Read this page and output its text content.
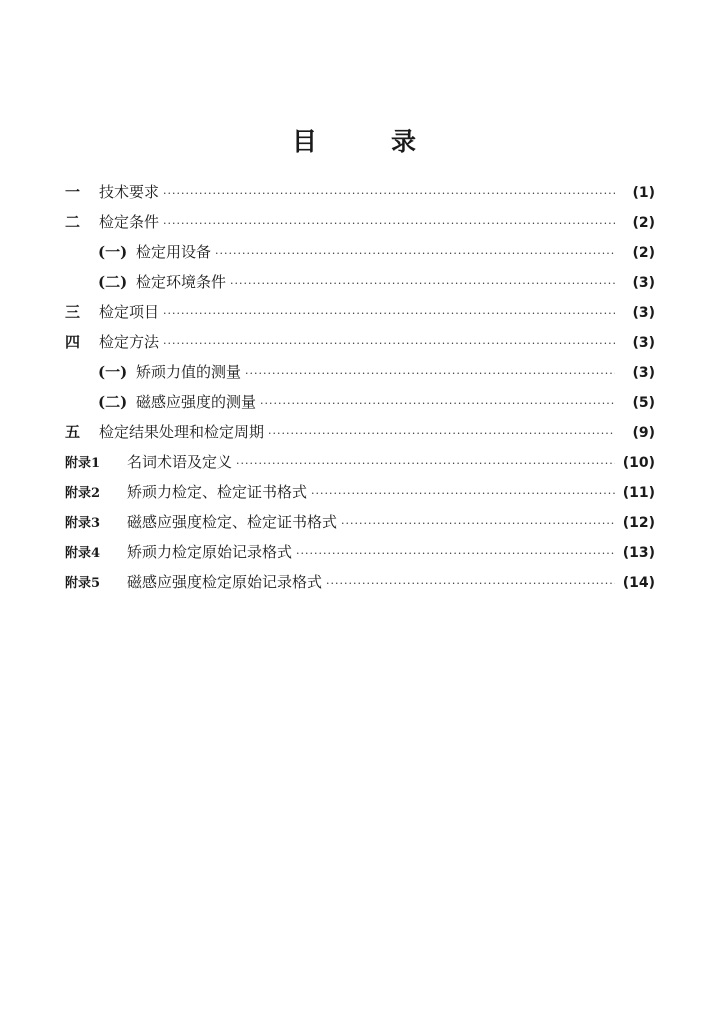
目	录
一	技术要求 ·····	(1)
二	检定条件 ·····	(2)
(一) 检定用设备 ·····	(2)
(二) 检定环境条件 ·····	(3)
三	检定项目 ·····	(3)
四	检定方法 ·····	(3)
(一) 矫顽力值的测量 ·····	(3)
(二) 磁感应强度的测量 ·····	(5)
五	检定结果处理和检定周期 ·····	(9)
附录1	名词术语及定义 ·····	(10)
附录2	矫顽力检定、检定证书格式 ·····	(11)
附录3	磁感应强度检定、检定证书格式 ·····	(12)
附录4	矫顽力检定原始记录格式 ·····	(13)
附录5	磁感应强度检定原始记录格式 ·····	(14)
